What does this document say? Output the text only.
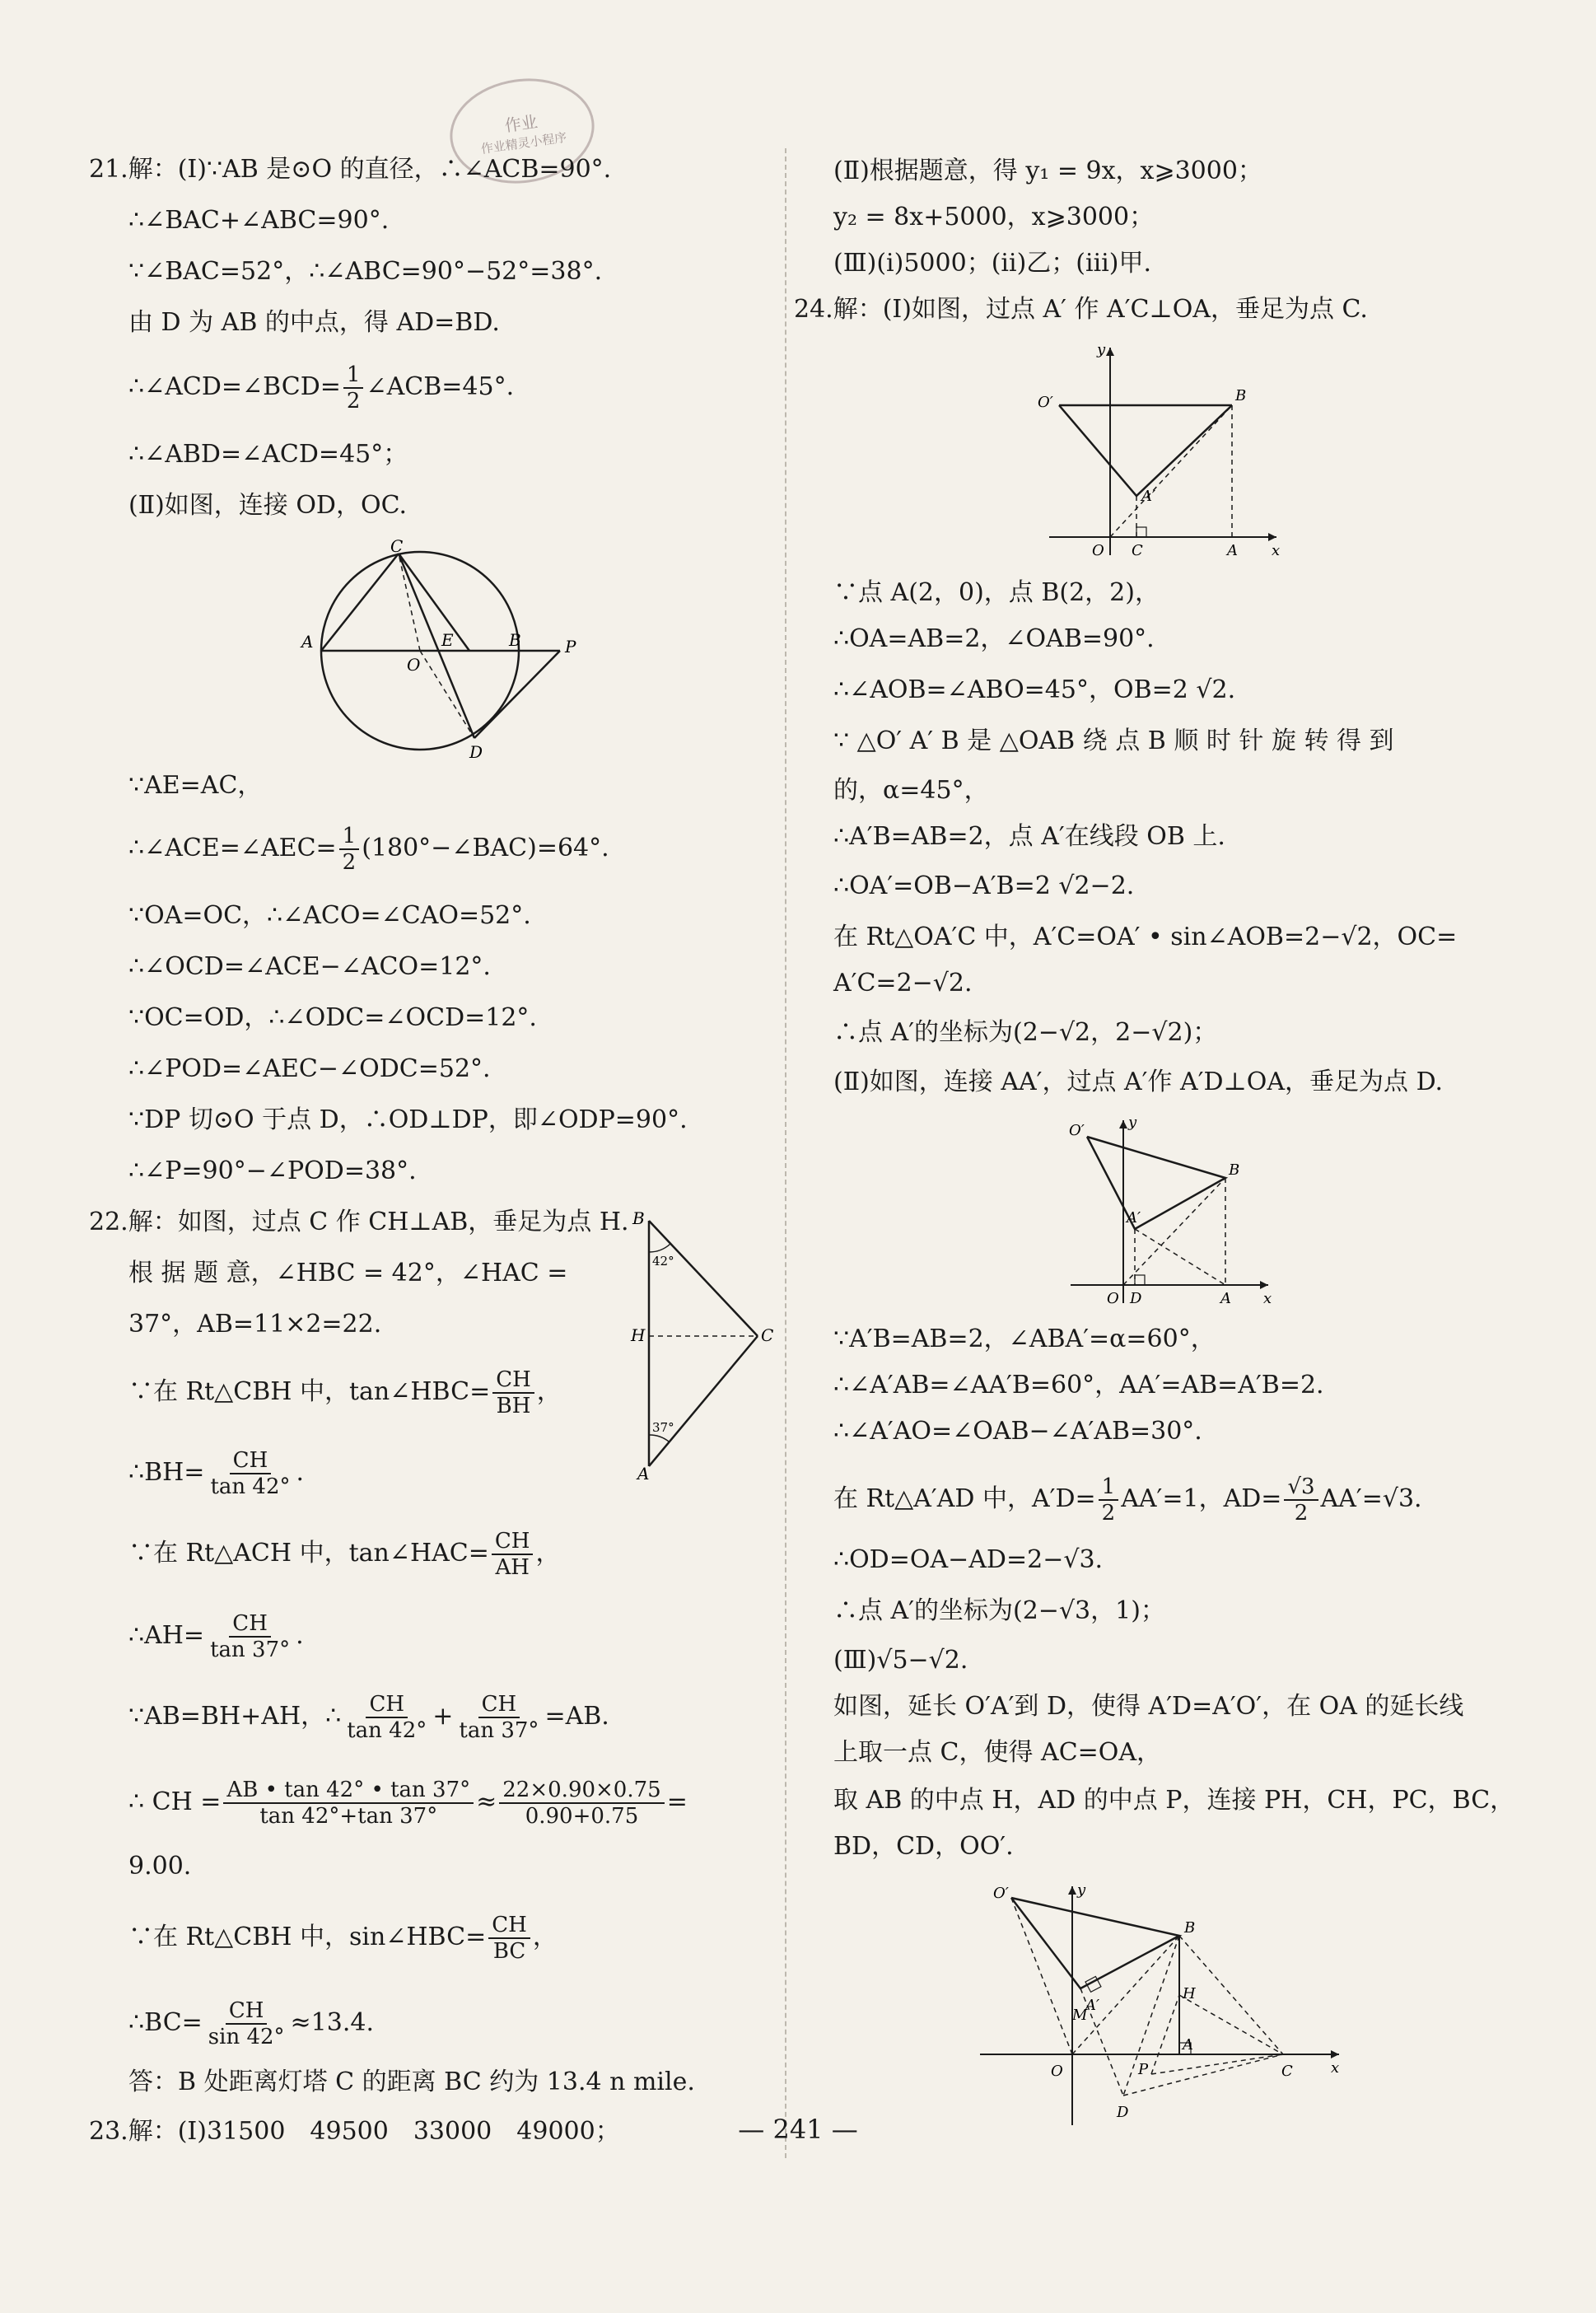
作业
作业精灵小程序
21.解：(Ⅰ)∵AB 是⊙O 的直径，∴∠ACB=90°.
∴∠BAC+∠ABC=90°.
∵∠BAC=52°，∴∠ABC=90°−52°=38°.
由 D 为 AB 的中点，得 AD=BD.
∴∠ACD=∠BCD= $\frac{1}{2}$ ∠ACB=45°.
∴∠ABD=∠ACD=45°；
(Ⅱ)如图，连接 OD，OC.
C
A
O
E	B	P
D
∵AE=AC，
∴∠ACE=∠AEC= $\frac{1}{2}$ (180°−∠BAC)=64°.
∵OA=OC，∴∠ACO=∠CAO=52°.
∴∠OCD=∠ACE−∠ACO=12°.
∵OC=OD，∴∠ODC=∠OCD=12°.
∴∠POD=∠AEC−∠ODC=52°.
∵DP 切⊙O 于点 D，∴OD⊥DP，即∠ODP=90°.
∴∠P=90°−∠POD=38°.
22.解：如图，过点 C 作 CH⊥AB，垂足为点 H.
根 据 题 意，∠HBC = 42°，∠HAC =
37°，AB=11×2=22.
B
H	C
A
42°
37°
∵在 Rt△CBH 中，tan∠HBC= $\frac{CH}{BH}$ ，
∴BH= $\frac{CH}{\tan 42^\circ}$ .
∵在 Rt△ACH 中，tan∠HAC= $\frac{CH}{AH}$ ，
∴AH= $\frac{CH}{\tan 37^\circ}$ .
∵AB=BH+AH，∴ $\frac{CH}{\tan 42^\circ} + \frac{CH}{\tan 37^\circ} =AB$.
∴ CH = $\frac{AB • \tan 42^\circ • \tan 37^\circ}{\tan 42^\circ+\tan 37^\circ} \approx \frac{22\times 0.90\times 0.75}{0.90+0.75}$ =
9.00.
∵在 Rt△CBH 中，sin∠HBC= $\frac{CH}{BC}$ ，
∴BC= $\frac{CH}{\sin 42^\circ} \approx 13.4$.
答：B 处距离灯塔 C 的距离 BC 约为 13.4 n mile.
23.解：(Ⅰ)31500　49500　33000　49000；
(Ⅱ)根据题意，得 y₁ = 9x，x⩾3000；
y₂ = 8x+5000，x⩾3000；
(Ⅲ)(ⅰ)5000；(ⅱ)乙；(ⅲ)甲.
24.解：(Ⅰ)如图，过点 A′ 作 A′C⊥OA，垂足为点 C.
y
O′	B
A′
O C	A x
∵点 A(2，0)，点 B(2，2)，
∴OA=AB=2，∠OAB=90°.
∴∠AOB=∠ABO=45°，OB=2 √2.
∵ △O′ A′ B 是 △OAB 绕 点 B 顺 时 针 旋 转 得 到
的，α=45°，
∴A′B=AB=2，点 A′在线段 OB 上.
∴OA′=OB−A′B=2 √2−2.
在 Rt△OA′C 中，A′C=OA′ • sin∠AOB=2−√2，OC=
A′C=2−√2.
∴点 A′的坐标为(2−√2，2−√2)；
(Ⅱ)如图，连接 AA′，过点 A′作 A′D⊥OA，垂足为点 D.
O′	y
B
A′
O D	A x
∵A′B=AB=2，∠ABA′=α=60°，
∴∠A′AB=∠AA′B=60°，AA′=AB=A′B=2.
∴∠A′AO=∠OAB−∠A′AB=30°.
在 Rt△A′AD 中，$A'D= \frac{1}{2} AA'=1$，$AD= \frac{√3}{2} AA'=√3$.
∴OD=OA−AD=2−√3.
∴点 A′的坐标为(2−√3，1)；
(Ⅲ)√5−√2.
如图，延长 O′A′到 D，使得 A′D=A′O′，在 OA 的延长线
上取一点 C，使得 AC=OA，
取 AB 的中点 H，AD 的中点 P，连接 PH，CH，PC，BC，
BD，CD，OO′.
O′	y
B
H
A′
M
O	P
A
C
D
x
— 241 —
